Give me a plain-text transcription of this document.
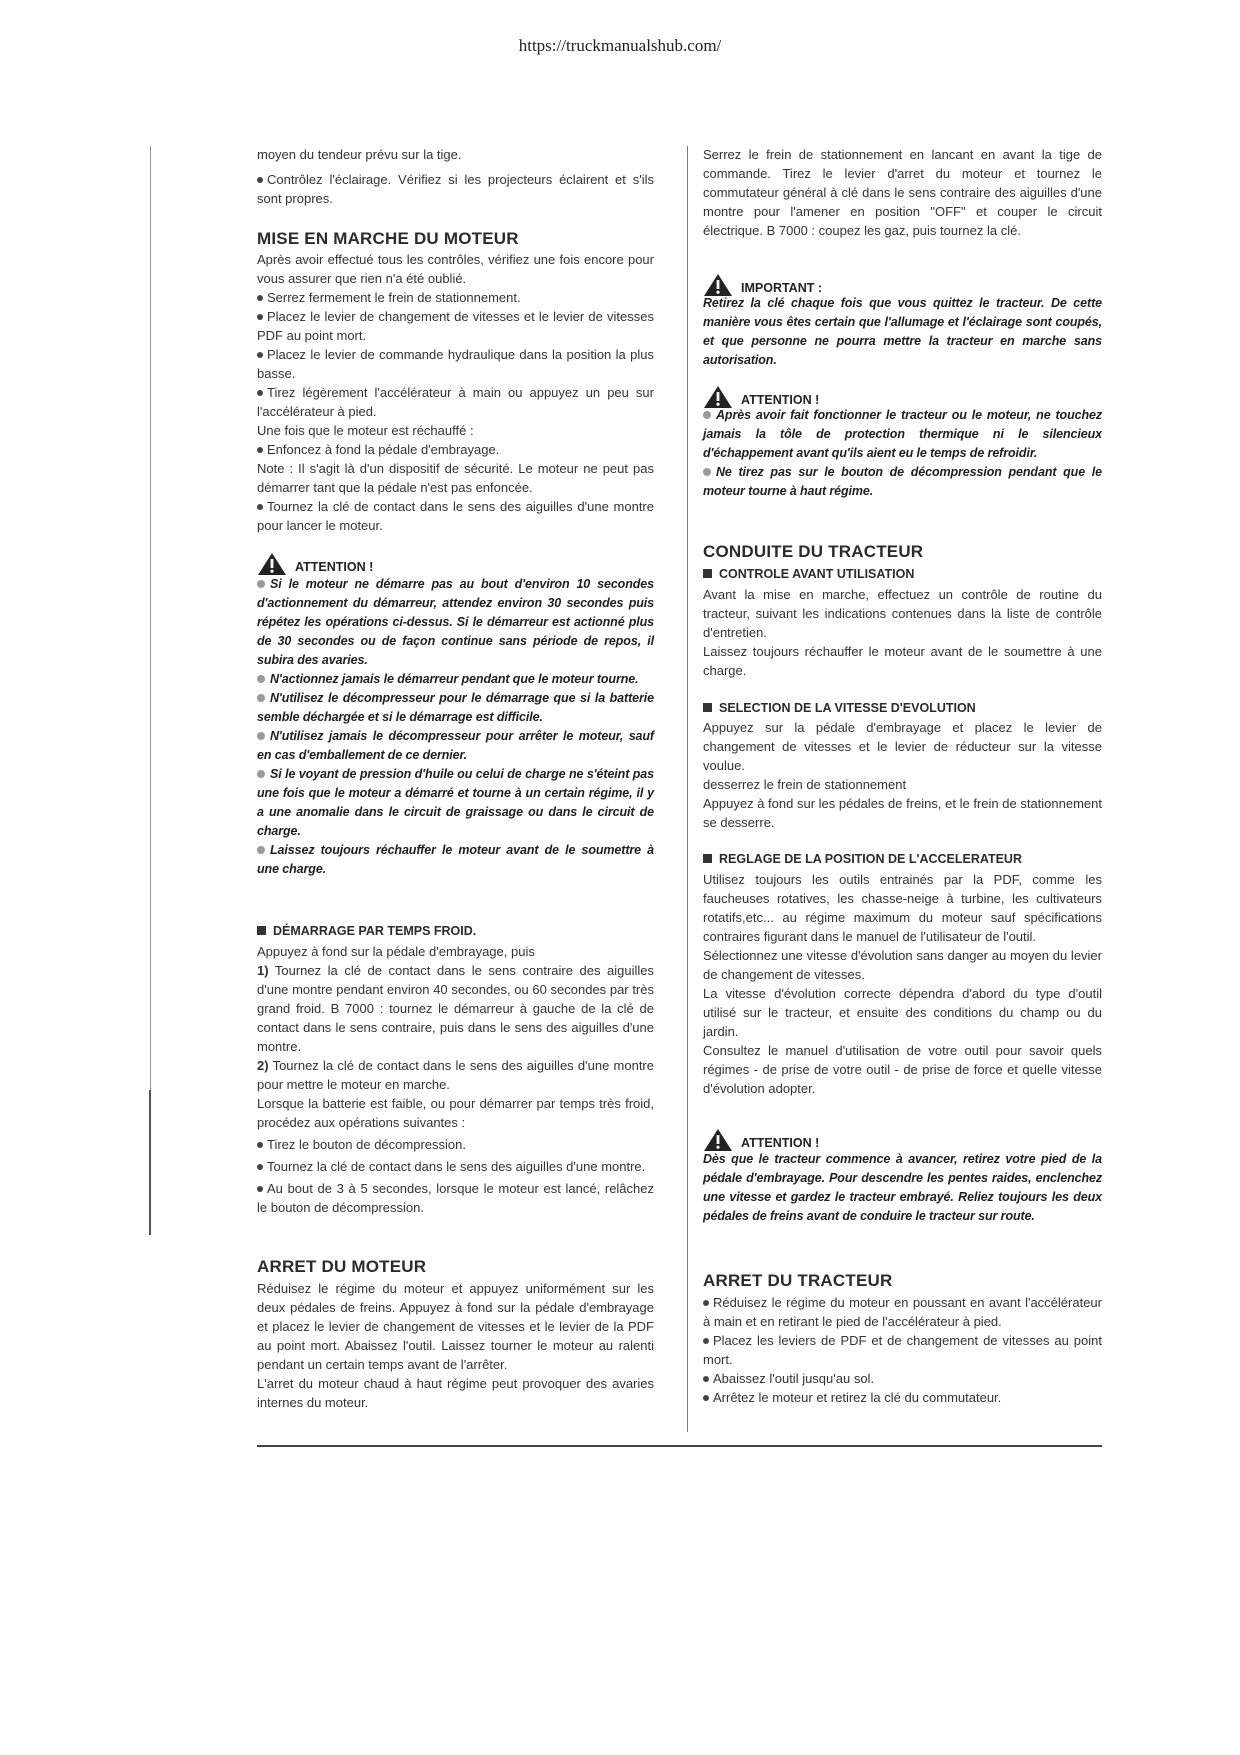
https://truckmanualshub.com/

moyen du tendeur prévu sur la tige.

Contrôlez l'éclairage. Vérifiez si les projecteurs éclairent et s'ils sont propres.

MISE EN MARCHE DU MOTEUR

Après avoir effectué tous les contrôles, vérifiez une fois encore pour vous assurer que rien n'a été oublié.

Serrez fermement le frein de stationnement.

Placez le levier de changement de vitesses et le levier de vitesses PDF au point mort.

Placez le levier de commande hydraulique dans la position la plus basse.

Tirez légèrement l'accélérateur à main ou appuyez un peu sur l'accélérateur à pied.

Une fois que le moteur est réchauffé :

Enfoncez à fond la pédale d'embrayage.

Note : Il s'agit là d'un dispositif de sécurité. Le moteur ne peut pas démarrer tant que la pédale n'est pas enfoncée.

Tournez la clé de contact dans le sens des aiguilles d'une montre pour lancer le moteur.

ATTENTION !

Si le moteur ne démarre pas au bout d'environ 10 secondes d'actionnement du démarreur, attendez environ 30 secondes puis répétez les opérations ci-dessus. Si le démarreur est actionné plus de 30 secondes ou de façon continue sans période de repos, il subira des avaries.

N'actionnez jamais le démarreur pendant que le moteur tourne.

N'utilisez le décompresseur pour le démarrage que si la batterie semble déchargée et si le démarrage est difficile.

N'utilisez jamais le décompresseur pour arrêter le moteur, sauf en cas d'emballement de ce dernier.

Si le voyant de pression d'huile ou celui de charge ne s'éteint pas une fois que le moteur a démarré et tourne à un certain régime, il y a une anomalie dans le circuit de graissage ou dans le circuit de charge.

Laissez toujours réchauffer le moteur avant de le soumettre à une charge.

DÉMARRAGE PAR TEMPS FROID.

Appuyez à fond sur la pédale d'embrayage, puis

1) Tournez la clé de contact dans le sens contraire des aiguilles d'une montre pendant environ 40 secondes, ou 60 secondes par très grand froid. B 7000 : tournez le démarreur à gauche de la clé de contact dans le sens contraire, puis dans le sens des aiguilles d'une montre.

2) Tournez la clé de contact dans le sens des aiguilles d'une montre pour mettre le moteur en marche.

Lorsque la batterie est faible, ou pour démarrer par temps très froid, procédez aux opérations suivantes :

Tirez le bouton de décompression.

Tournez la clé de contact dans le sens des aiguilles d'une montre.

Au bout de 3 à 5 secondes, lorsque le moteur est lancé, relâchez le bouton de décompression.

ARRET DU MOTEUR

Réduisez le régime du moteur et appuyez uniformément sur les deux pédales de freins. Appuyez à fond sur la pédale d'embrayage et placez le levier de changement de vitesses et le levier de la PDF au point mort. Abaissez l'outil. Laissez tourner le moteur au ralenti pendant un certain temps avant de l'arrêter.

L'arret du moteur chaud à haut régime peut provoquer des avaries internes du moteur.

Serrez le frein de stationnement en lancant en avant la tige de commande. Tirez le levier d'arret du moteur et tournez le commutateur général à clé dans le sens contraire des aiguilles d'une montre pour l'amener en position "OFF" et couper le circuit électrique. B 7000 : coupez les gaz, puis tournez la clé.

IMPORTANT :

Retirez la clé chaque fois que vous quittez le tracteur. De cette manière vous êtes certain que l'allumage et l'éclairage sont coupés, et que personne ne pourra mettre la tracteur en marche sans autorisation.

ATTENTION !

Après avoir fait fonctionner le tracteur ou le moteur, ne touchez jamais la tôle de protection thermique ni le silencieux d'échappement avant qu'ils aient eu le temps de refroidir.

Ne tirez pas sur le bouton de décompression pendant que le moteur tourne à haut régime.

CONDUITE DU TRACTEUR
CONTROLE AVANT UTILISATION

Avant la mise en marche, effectuez un contrôle de routine du tracteur, suivant les indications contenues dans la liste de contrôle d'entretien.

Laissez toujours réchauffer le moteur avant de le soumettre à une charge.

SELECTION DE LA VITESSE D'EVOLUTION

Appuyez sur la pédale d'embrayage et placez le levier de changement de vitesses et le levier de réducteur sur la vitesse voulue.

desserrez le frein de stationnement

Appuyez à fond sur les pédales de freins, et le frein de stationnement se desserre.

REGLAGE DE LA POSITION DE L'ACCELERATEUR

Utilisez toujours les outils entrainés par la PDF, comme les faucheuses rotatives, les chasse-neige à turbine, les cultivateurs rotatifs,etc... au régime maximum du moteur sauf spécifications contraires figurant dans le manuel de l'utilisateur de l'outil.

Sélectionnez une vitesse d'évolution sans danger au moyen du levier de changement de vitesses.

La vitesse d'évolution correcte dépendra d'abord du type d'outil utilisé sur le tracteur, et ensuite des conditions du champ ou du jardin.

Consultez le manuel d'utilisation de votre outil pour savoir quels régimes - de prise de votre outil - de prise de force et quelle vitesse d'évolution adopter.

ATTENTION !

Dès que le tracteur commence à avancer, retirez votre pied de la pédale d'embrayage. Pour descendre les pentes raides, enclenchez une vitesse et gardez le tracteur embrayé. Reliez toujours les deux pédales de freins avant de conduire le tracteur sur route.

ARRET DU TRACTEUR

Réduisez le régime du moteur en poussant en avant l'accélérateur à main et en retirant le pied de l'accélérateur à pied.

Placez les leviers de PDF et de changement de vitesses au point mort.

Abaissez l'outil jusqu'au sol.

Arrêtez le moteur et retirez la clé du commutateur.
